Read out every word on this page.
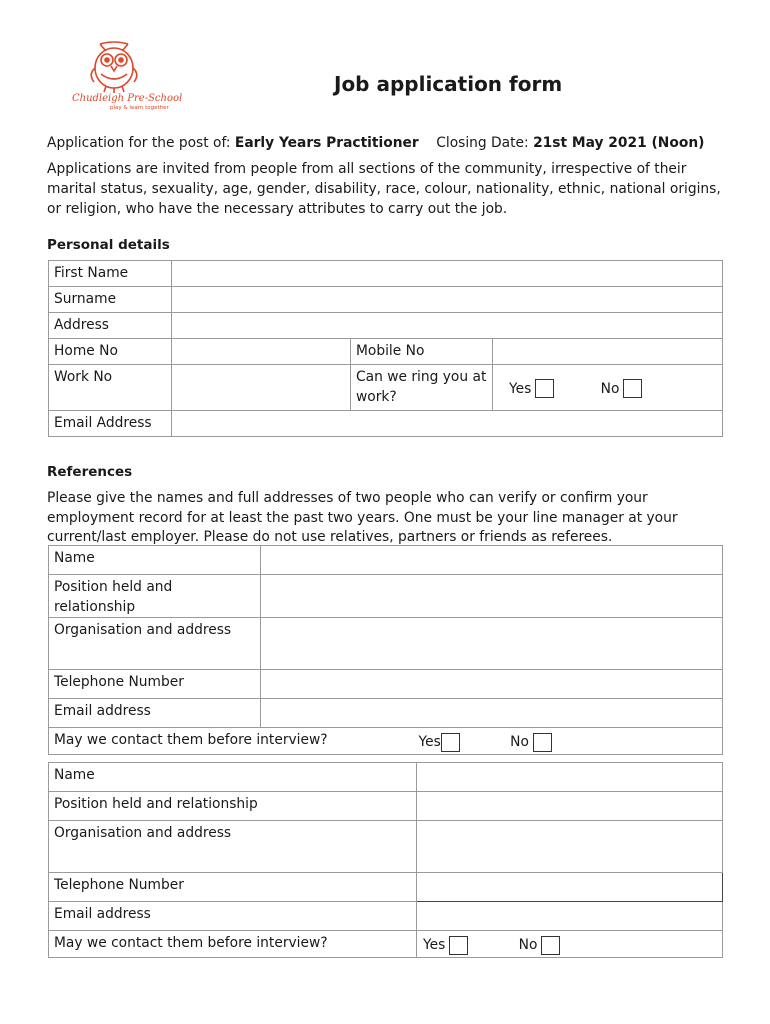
Chudleigh Pre-School
play & learn together
Job application form
Application for the post of: Early Years Practitioner Closing Date: 21st May 2021 (Noon)
Applications are invited from people from all sections of the community, irrespective of their marital status, sexuality, age, gender, disability, race, colour, nationality, ethnic, national origins, or religion, who have the necessary attributes to carry out the job.
Personal details
First Name			
Surname			
Address			
Home No		Mobile No	
Work No		Can we ring you at work?	Yes No
Email Address			
References
Please give the names and full addresses of two people who can verify or confirm your employment record for at least the past two years. One must be your line manager at your current/last employer. Please do not use relatives, partners or friends as referees.
Name		
Position held and relationship		
Organisation and address		
Telephone Number		
Email address		
May we contact them before interview?		Yes No
Name	
Position held and relationship	
Organisation and address	
Telephone Number	
Email address	
May we contact them before interview?	Yes No
